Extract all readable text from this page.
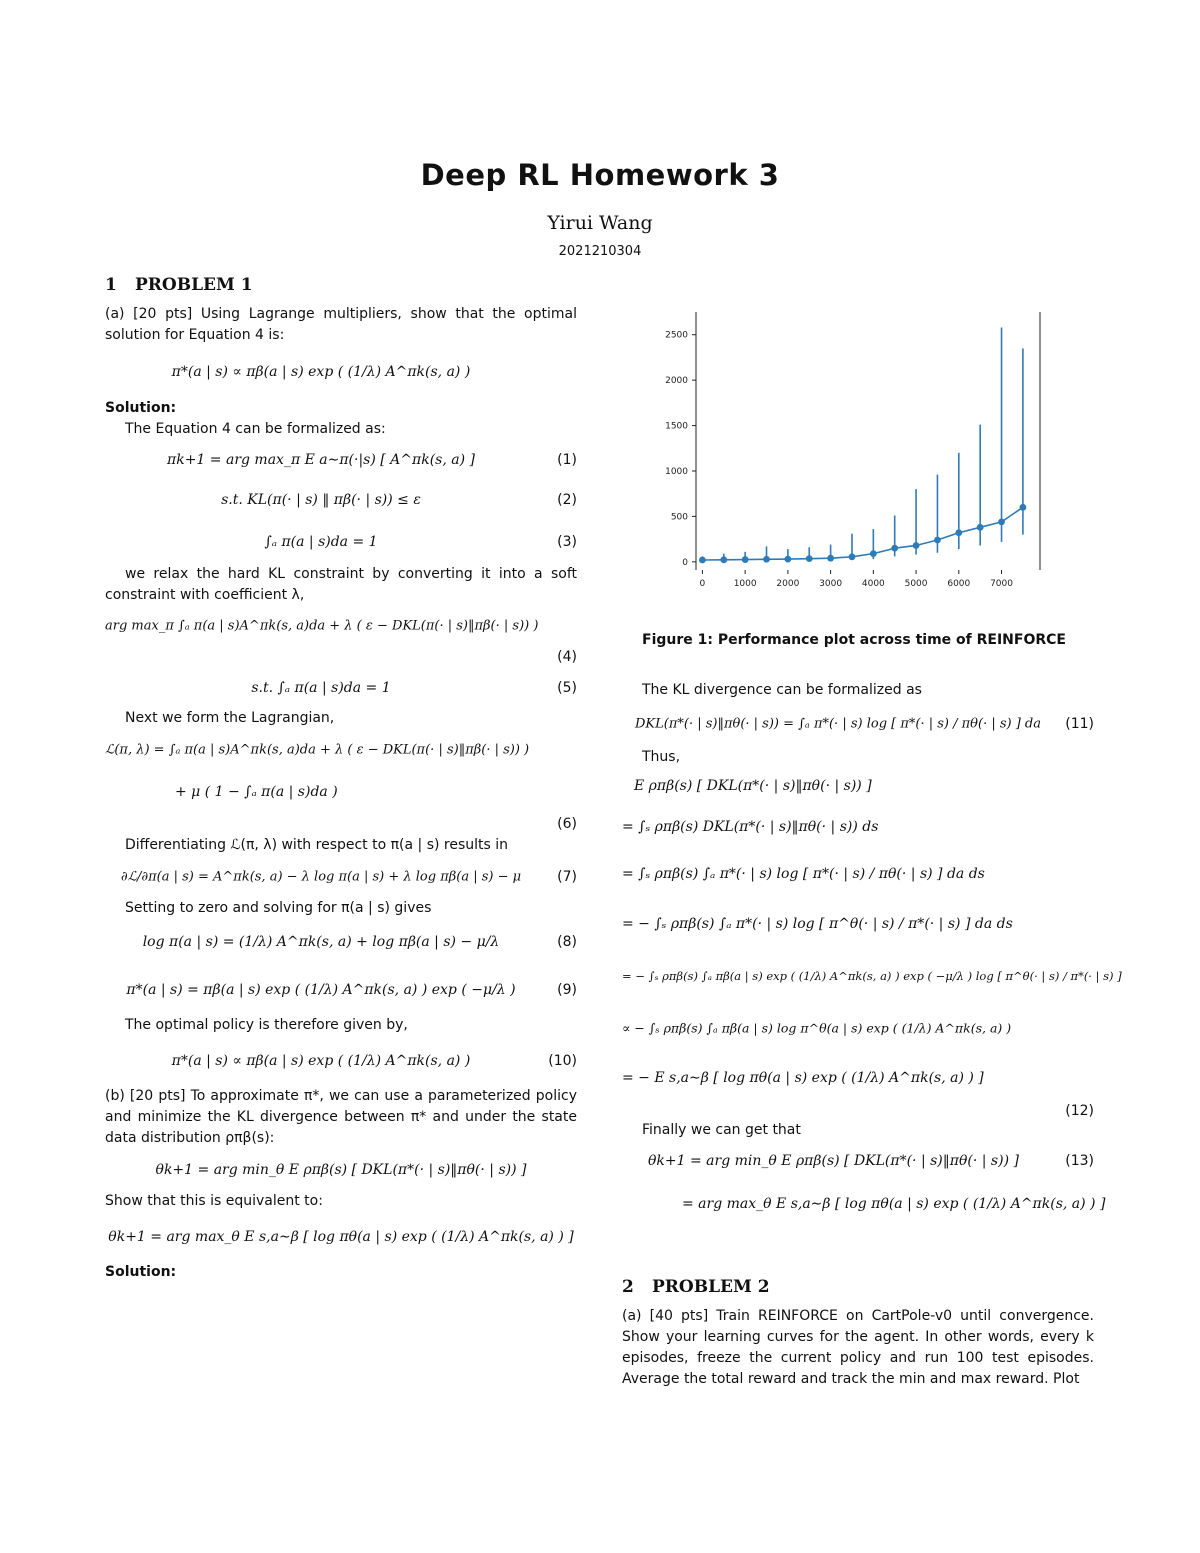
Deep RL Homework 3
Yirui Wang
2021210304
1 PROBLEM 1

(a) [20 pts] Using Lagrange multipliers, show that the optimal solution for Equation 4 is:

π*(a | s) ∝ πβ(a | s) exp ( (1/λ) A^πk(s, a) )

Solution:

The Equation 4 can be formalized as:

πk+1 = arg max_π E a∼π(·|s) [ A^πk(s, a) ]	(1)
s.t. KL(π(· | s) ‖ πβ(· | s)) ≤ ε	(2)
∫ₐ π(a | s)da = 1	(3)

we relax the hard KL constraint by converting it into a soft constraint with coefficient λ,

arg max_π ∫ₐ π(a | s)A^πk(s, a)da + λ ( ε − DKL(π(· | s)‖πβ(· | s)) )
(4)
s.t. ∫ₐ π(a | s)da = 1	(5)

Next we form the Lagrangian,

ℒ(π, λ) = ∫ₐ π(a | s)A^πk(s, a)da + λ ( ε − DKL(π(· | s)‖πβ(· | s)) )
+ μ ( 1 − ∫ₐ π(a | s)da )
(6)

Differentiating ℒ(π, λ) with respect to π(a | s) results in

∂ℒ/∂π(a | s) = A^πk(s, a) − λ log π(a | s) + λ log πβ(a | s) − μ	(7)

Setting to zero and solving for π(a | s) gives

log π(a | s) = (1/λ) A^πk(s, a) + log πβ(a | s) − μ/λ	(8)
π*(a | s) = πβ(a | s) exp ( (1/λ) A^πk(s, a) ) exp ( −μ/λ )	(9)

The optimal policy is therefore given by,

π*(a | s) ∝ πβ(a | s) exp ( (1/λ) A^πk(s, a) )	(10)

(b) [20 pts] To approximate π*, we can use a parameterized policy and minimize the KL divergence between π* and under the state data distribution ρπβ(s):

θk+1 = arg min_θ E ρπβ(s) [ DKL(π*(· | s)‖πθ(· | s)) ]

Show that this is equivalent to:

θk+1 = arg max_θ E s,a∼β [ log πθ(a | s) exp ( (1/λ) A^πk(s, a) ) ]

Solution:

0
500
1000
1500
2000
2500
0	1000 2000 3000 4000 5000 6000 7000
Figure 1: Performance plot across time of REINFORCE

The KL divergence can be formalized as

DKL(π*(· | s)‖πθ(· | s)) = ∫ₐ π*(· | s) log [ π*(· | s) / πθ(· | s) ] da	(11)

Thus,

E ρπβ(s) [ DKL(π*(· | s)‖πθ(· | s)) ]
= ∫ₛ ρπβ(s) DKL(π*(· | s)‖πθ(· | s)) ds
= ∫ₛ ρπβ(s) ∫ₐ π*(· | s) log [ π*(· | s) / πθ(· | s) ] da ds
= − ∫ₛ ρπβ(s) ∫ₐ π*(· | s) log [ π^θ(· | s) / π*(· | s) ] da ds
= − ∫ₛ ρπβ(s) ∫ₐ πβ(a | s) exp ( (1/λ) A^πk(s, a) ) exp ( −μ/λ ) log [ π^θ(· | s) / π*(· | s) ]
∝ − ∫ₛ ρπβ(s) ∫ₐ πβ(a | s) log π^θ(a | s) exp ( (1/λ) A^πk(s, a) )
= − E s,a∼β [ log πθ(a | s) exp ( (1/λ) A^πk(s, a) ) ]
(12)

Finally we can get that

θk+1 = arg min_θ E ρπβ(s) [ DKL(π*(· | s)‖πθ(· | s)) ]
= arg max_θ E s,a∼β [ log πθ(a | s) exp ( (1/λ) A^πk(s, a) ) ]
(13)
2 PROBLEM 2

(a) [40 pts] Train REINFORCE on CartPole-v0 until convergence. Show your learning curves for the agent. In other words, every k episodes, freeze the current policy and run 100 test episodes. Average the total reward and track the min and max reward. Plot
